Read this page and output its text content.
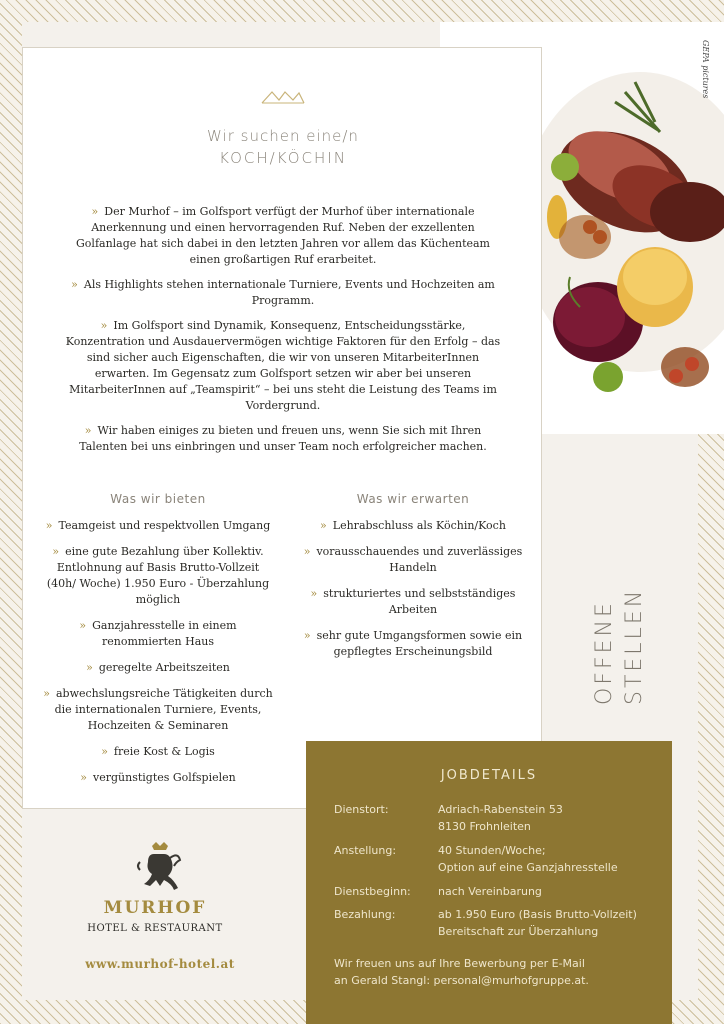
GEPA pictures
Wir suchen eine/n
KOCH/KÖCHIN

» Der Murhof – im Golfsport verfügt der Murhof über internationale Anerkennung und einen hervorragenden Ruf. Neben der exzellenten Golfanlage hat sich dabei in den letzten Jahren vor allem das Küchenteam einen großartigen Ruf erarbeitet.

» Als Highlights stehen internationale Turniere, Events und Hochzeiten am Programm.

» Im Golfsport sind Dynamik, Konsequenz, Entscheidungsstärke, Konzentration und Ausdauervermögen wichtige Faktoren für den Erfolg – das sind sicher auch Eigenschaften, die wir von unseren MitarbeiterInnen erwarten. Im Gegensatz zum Golfsport setzen wir aber bei unseren MitarbeiterInnen auf „Teamspirit“ – bei uns steht die Leistung des Teams im Vordergrund.

» Wir haben einiges zu bieten und freuen uns, wenn Sie sich mit Ihren Talenten bei uns einbringen und unser Team noch erfolgreicher machen.

Was wir bieten	Was wir erwarten

» Teamgeist und respektvollen Umgang

» eine gute Bezahlung über Kollektiv. Entlohnung auf Basis Brutto-Vollzeit (40h/ Woche) 1.950 Euro - Überzahlung möglich

» Ganzjahresstelle in einem renommierten Haus

» geregelte Arbeitszeiten

» abwechslungsreiche Tätigkeiten durch die internationalen Turniere, Events, Hochzeiten & Seminaren

» freie Kost & Logis

» vergünstigtes Golfspielen

» Lehrabschluss als Köchin/Koch

» vorausschauendes und zuverlässiges Handeln

» strukturiertes und selbstständiges Arbeiten

» sehr gute Umgangsformen sowie ein gepflegtes Erscheinungsbild	OFFENE STELLEN
MURHOF
HOTEL & RESTAURANT
www.murhof-hotel.at
JOBDETAILS
Dienstort:	Adriach-Rabenstein 53
8130 Frohnleiten
Anstellung:	40 Stunden/Woche;
Option auf eine Ganzjahresstelle
Dienstbeginn:	nach Vereinbarung
Bezahlung:	ab 1.950 Euro (Basis Brutto-Vollzeit)
Bereitschaft zur Überzahlung
Wir freuen uns auf Ihre Bewerbung per E-Mail
an Gerald Stangl: personal@murhofgruppe.at.
